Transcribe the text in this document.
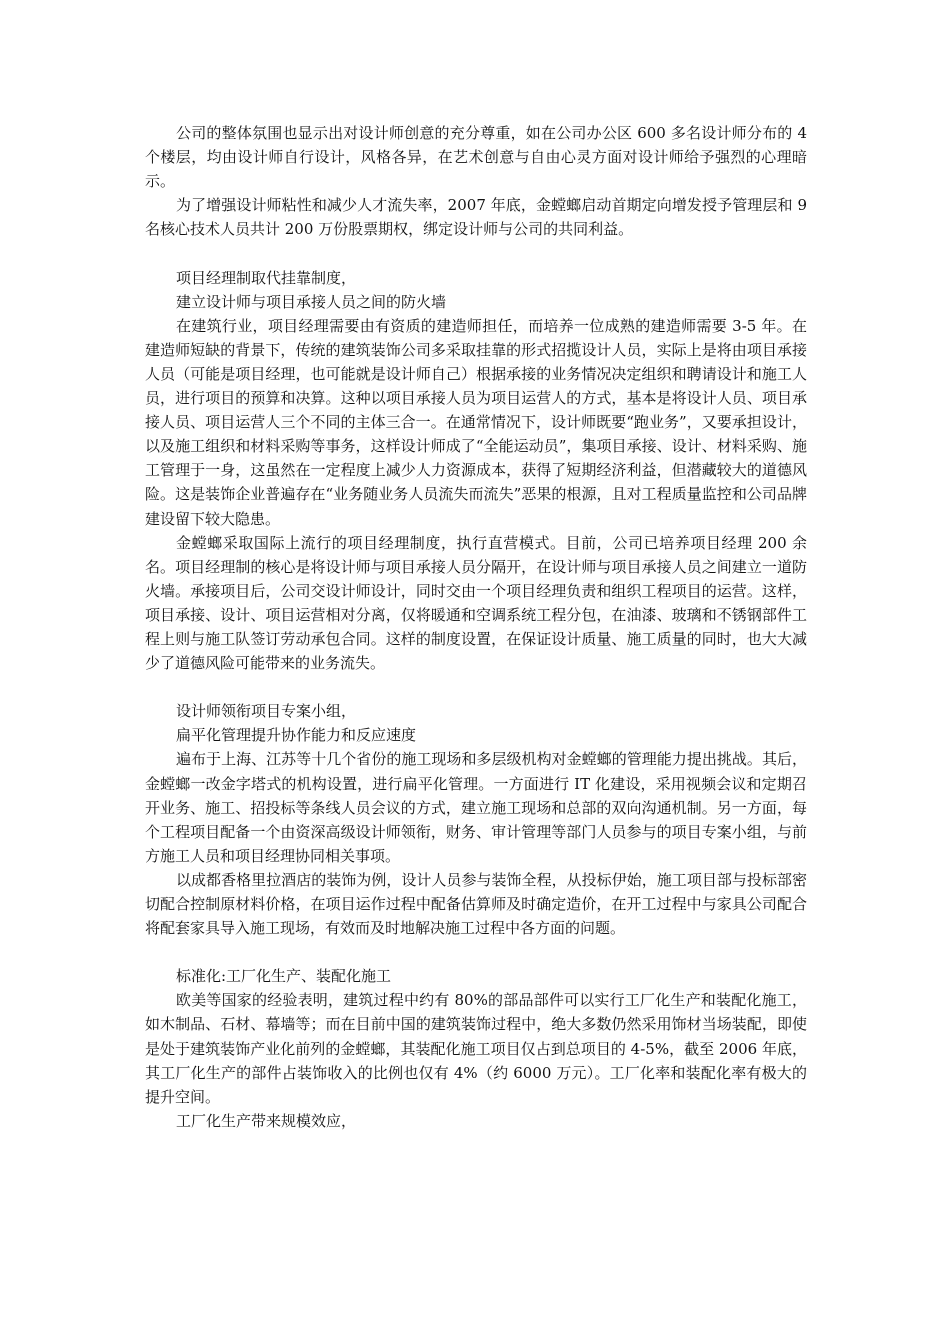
公司的整体氛围也显示出对设计师创意的充分尊重，如在公司办公区 600 多名设计师分布的 4 个楼层，均由设计师自行设计，风格各异，在艺术创意与自由心灵方面对设计师给予强烈的心理暗示。

为了增强设计师粘性和减少人才流失率，2007 年底，金螳螂启动首期定向增发授予管理层和 9 名核心技术人员共计 200 万份股票期权，绑定设计师与公司的共同利益。

项目经理制取代挂靠制度，

建立设计师与项目承接人员之间的防火墙

在建筑行业，项目经理需要由有资质的建造师担任，而培养一位成熟的建造师需要 3-5 年。在建造师短缺的背景下，传统的建筑装饰公司多采取挂靠的形式招揽设计人员，实际上是将由项目承接人员（可能是项目经理，也可能就是设计师自己）根据承接的业务情况决定组织和聘请设计和施工人员，进行项目的预算和决算。这种以项目承接人员为项目运营人的方式，基本是将设计人员、项目承接人员、项目运营人三个不同的主体三合一。在通常情况下，设计师既要“跑业务”，又要承担设计，以及施工组织和材料采购等事务，这样设计师成了“全能运动员”，集项目承接、设计、材料采购、施工管理于一身，这虽然在一定程度上减少人力资源成本，获得了短期经济利益，但潜藏较大的道德风险。这是装饰企业普遍存在“业务随业务人员流失而流失”恶果的根源，且对工程质量监控和公司品牌建设留下较大隐患。

金螳螂采取国际上流行的项目经理制度，执行直营模式。目前，公司已培养项目经理 200 余名。项目经理制的核心是将设计师与项目承接人员分隔开，在设计师与项目承接人员之间建立一道防火墙。承接项目后，公司交设计师设计，同时交由一个项目经理负责和组织工程项目的运营。这样，项目承接、设计、项目运营相对分离，仅将暖通和空调系统工程分包，在油漆、玻璃和不锈钢部件工程上则与施工队签订劳动承包合同。这样的制度设置，在保证设计质量、施工质量的同时，也大大减少了道德风险可能带来的业务流失。

设计师领衔项目专案小组，

扁平化管理提升协作能力和反应速度

遍布于上海、江苏等十几个省份的施工现场和多层级机构对金螳螂的管理能力提出挑战。其后，金螳螂一改金字塔式的机构设置，进行扁平化管理。一方面进行 IT 化建设，采用视频会议和定期召开业务、施工、招投标等条线人员会议的方式，建立施工现场和总部的双向沟通机制。另一方面，每个工程项目配备一个由资深高级设计师领衔，财务、审计管理等部门人员参与的项目专案小组，与前方施工人员和项目经理协同相关事项。

以成都香格里拉酒店的装饰为例，设计人员参与装饰全程，从投标伊始，施工项目部与投标部密切配合控制原材料价格，在项目运作过程中配备估算师及时确定造价，在开工过程中与家具公司配合将配套家具导入施工现场，有效而及时地解决施工过程中各方面的问题。

标准化:工厂化生产、装配化施工

欧美等国家的经验表明，建筑过程中约有 80%的部品部件可以实行工厂化生产和装配化施工，如木制品、石材、幕墙等；而在目前中国的建筑装饰过程中，绝大多数仍然采用饰材当场装配，即使是处于建筑装饰产业化前列的金螳螂，其装配化施工项目仅占到总项目的 4-5%，截至 2006 年底，其工厂化生产的部件占装饰收入的比例也仅有 4%（约 6000 万元）。工厂化率和装配化率有极大的提升空间。

工厂化生产带来规模效应，
